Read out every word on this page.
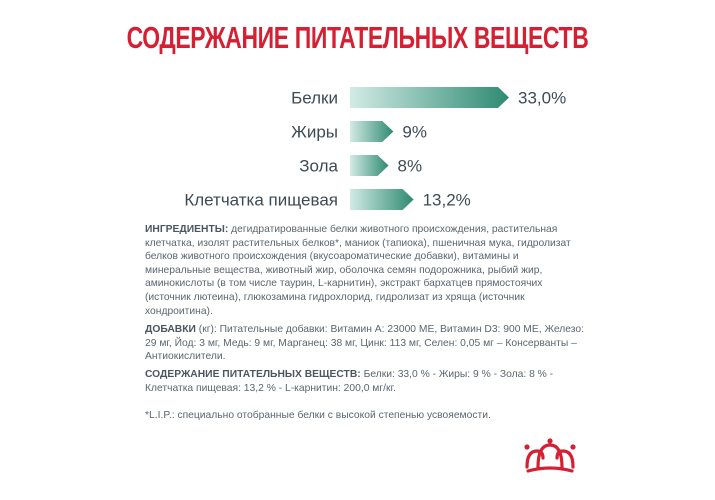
СОДЕРЖАНИЕ ПИТАТЕЛЬНЫХ ВЕЩЕСТВ
Белки	33,0%
Жиры	9%
Зола	8%
Клетчатка пищевая	13,2%
ИНГРЕДИЕНТЫ: дегидратированные белки животного происхождения, растительная клетчатка, изолят растительных белков*, маниок (тапиока), пшеничная мука, гидролизат белков животного происхождения (вкусоароматические добавки), витамины и минеральные вещества, животный жир, оболочка семян подорожника, рыбий жир, аминокислоты (в том числе таурин, L-карнитин), экстракт бархатцев прямостоячих (источник лютеина), глюкозамина гидрохлорид, гидролизат из хряща (источник хондроитина).
ДОБАВКИ (кг): Питательные добавки: Витамин А: 23000 МЕ, Витамин D3: 900 МЕ, Железо: 29 мг, Йод: 3 мг, Медь: 9 мг, Марганец: 38 мг, Цинк: 113 мг, Селен: 0,05 мг – Консерванты – Антиокислители.
СОДЕРЖАНИЕ ПИТАТЕЛЬНЫХ ВЕЩЕСТВ: Белки: 33,0 % - Жиры: 9 % - Зола: 8 % - Клетчатка пищевая: 13,2 % - L-карнитин: 200,0 мг/кг.
*L.I.P.: специально отобранные белки с высокой степенью усвояемости.
